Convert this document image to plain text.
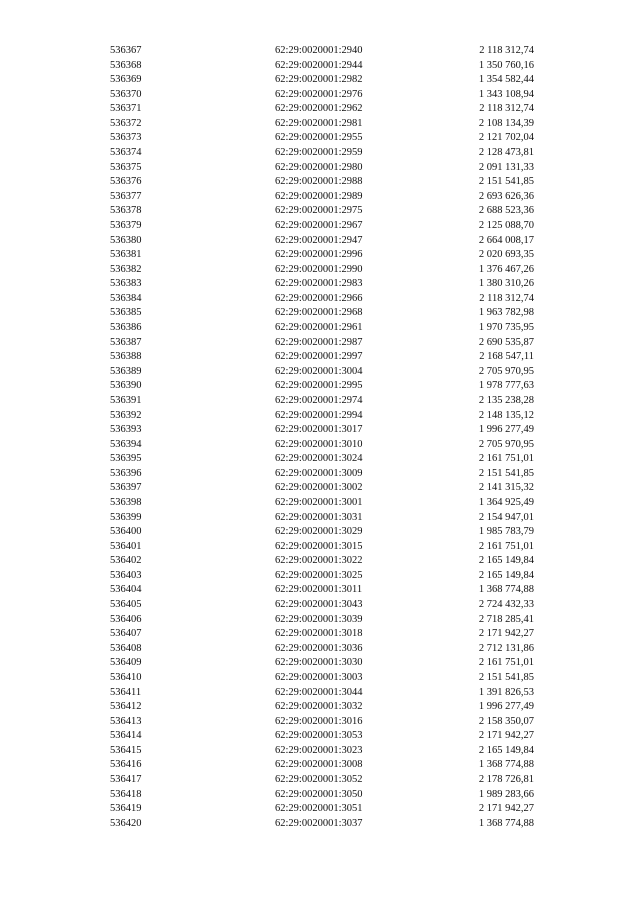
536367	62:29:0020001:2940	2 118 312,74
536368	62:29:0020001:2944	1 350 760,16
536369	62:29:0020001:2982	1 354 582,44
536370	62:29:0020001:2976	1 343 108,94
536371	62:29:0020001:2962	2 118 312,74
536372	62:29:0020001:2981	2 108 134,39
536373	62:29:0020001:2955	2 121 702,04
536374	62:29:0020001:2959	2 128 473,81
536375	62:29:0020001:2980	2 091 131,33
536376	62:29:0020001:2988	2 151 541,85
536377	62:29:0020001:2989	2 693 626,36
536378	62:29:0020001:2975	2 688 523,36
536379	62:29:0020001:2967	2 125 088,70
536380	62:29:0020001:2947	2 664 008,17
536381	62:29:0020001:2996	2 020 693,35
536382	62:29:0020001:2990	1 376 467,26
536383	62:29:0020001:2983	1 380 310,26
536384	62:29:0020001:2966	2 118 312,74
536385	62:29:0020001:2968	1 963 782,98
536386	62:29:0020001:2961	1 970 735,95
536387	62:29:0020001:2987	2 690 535,87
536388	62:29:0020001:2997	2 168 547,11
536389	62:29:0020001:3004	2 705 970,95
536390	62:29:0020001:2995	1 978 777,63
536391	62:29:0020001:2974	2 135 238,28
536392	62:29:0020001:2994	2 148 135,12
536393	62:29:0020001:3017	1 996 277,49
536394	62:29:0020001:3010	2 705 970,95
536395	62:29:0020001:3024	2 161 751,01
536396	62:29:0020001:3009	2 151 541,85
536397	62:29:0020001:3002	2 141 315,32
536398	62:29:0020001:3001	1 364 925,49
536399	62:29:0020001:3031	2 154 947,01
536400	62:29:0020001:3029	1 985 783,79
536401	62:29:0020001:3015	2 161 751,01
536402	62:29:0020001:3022	2 165 149,84
536403	62:29:0020001:3025	2 165 149,84
536404	62:29:0020001:3011	1 368 774,88
536405	62:29:0020001:3043	2 724 432,33
536406	62:29:0020001:3039	2 718 285,41
536407	62:29:0020001:3018	2 171 942,27
536408	62:29:0020001:3036	2 712 131,86
536409	62:29:0020001:3030	2 161 751,01
536410	62:29:0020001:3003	2 151 541,85
536411	62:29:0020001:3044	1 391 826,53
536412	62:29:0020001:3032	1 996 277,49
536413	62:29:0020001:3016	2 158 350,07
536414	62:29:0020001:3053	2 171 942,27
536415	62:29:0020001:3023	2 165 149,84
536416	62:29:0020001:3008	1 368 774,88
536417	62:29:0020001:3052	2 178 726,81
536418	62:29:0020001:3050	1 989 283,66
536419	62:29:0020001:3051	2 171 942,27
536420	62:29:0020001:3037	1 368 774,88
